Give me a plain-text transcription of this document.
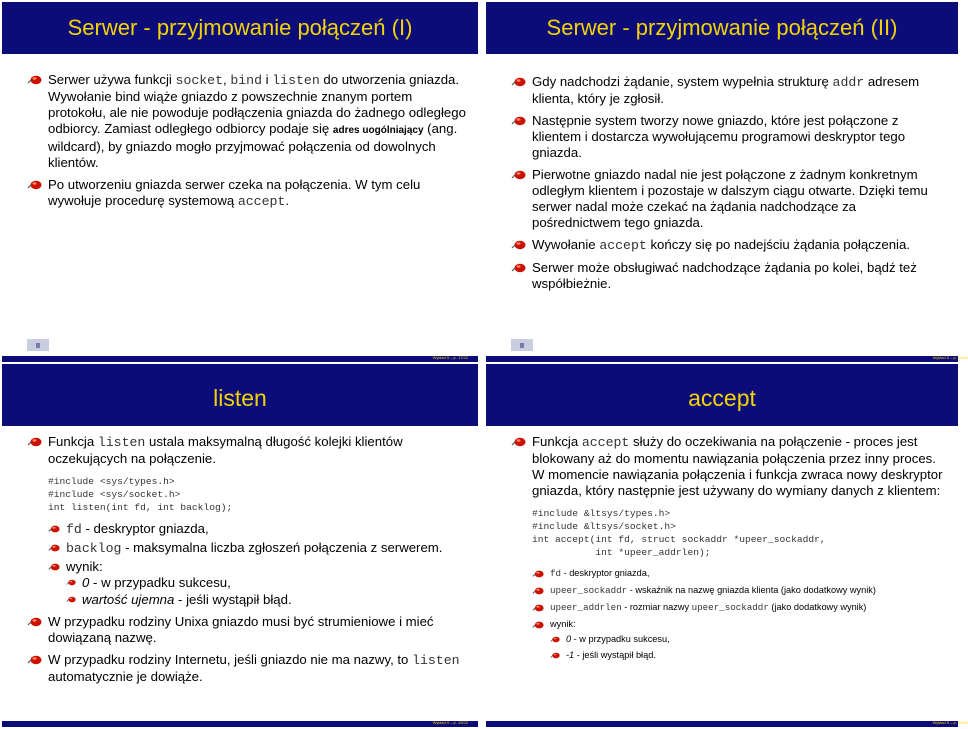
Serwer - przyjmowanie połączeń (I)
Serwer używa funkcji socket, bind i listen do utworzenia gniazda. Wywołanie bind wiąże gniazdo z powszechnie znanym portem protokołu, ale nie powoduje podłączenia gniazda do żadnego odległego odbiorcy. Zamiast odległego odbiorcy podaje się adres uogólniający (ang. wildcard), by gniazdo mogło przyjmować połączenia od dowolnych klientów.
Po utworzeniu gniazda serwer czeka na połączenia. W tym celu wywołuje procedurę systemową accept.
II
Wykład 5 – p. 17/22
Serwer - przyjmowanie połączeń (II)
Gdy nadchodzi żądanie, system wypełnia strukturę addr adresem klienta, który je zgłosił.
Następnie system tworzy nowe gniazdo, które jest połączone z klientem i dostarcza wywołującemu programowi deskryptor tego gniazda.
Pierwotne gniazdo nadal nie jest połączone z żadnym konkretnym odległym klientem i pozostaje w dalszym ciągu otwarte. Dzięki temu serwer nadal może czekać na żądania nadchodzące za pośrednictwem tego gniazda.
Wywołanie accept kończy się po nadejściu żądania połączenia.
Serwer może obsługiwać nadchodzące żądania po kolei, bądź też współbieżnie.
II
Wykład 5 – p. 18/22
listen
Funkcja listen ustala maksymalną długość kolejki klientów oczekujących na połączenie.
#include <sys/types.h>
#include <sys/socket.h>
int listen(int fd, int backlog);
fd - deskryptor gniazda,
backlog - maksymalna liczba zgłoszeń połączenia z serwerem.
wynik:
0 - w przypadku sukcesu,
wartość ujemna - jeśli wystąpił błąd.
W przypadku rodziny Unixa gniazdo musi być strumieniowe i mieć dowiązaną nazwę.
W przypadku rodziny Internetu, jeśli gniazdo nie ma nazwy, to listen automatycznie je dowiąże.
Wykład 5 – p. 19/22
accept
Funkcja accept służy do oczekiwania na połączenie - proces jest blokowany aż do momentu nawiązania połączenia przez inny proces. W momencie nawiązania połączenia i funkcja zwraca nowy deskryptor gniazda, który następnie jest używany do wymiany danych z klientem:
#include &ltsys/types.h>
#include &ltsys/socket.h>
int accept(int fd, struct sockaddr *upeer_sockaddr,
int *upeer_addrlen);
fd - deskryptor gniazda,
upeer_sockaddr - wskaźnik na nazwę gniazda klienta (jako dodatkowy wynik)
upeer_addrlen - rozmiar nazwy upeer_sockaddr (jako dodatkowy wynik)
wynik:
0 - w przypadku sukcesu,
-1 - jeśli wystąpił błąd.
Wykład 5 – p. 20/22
